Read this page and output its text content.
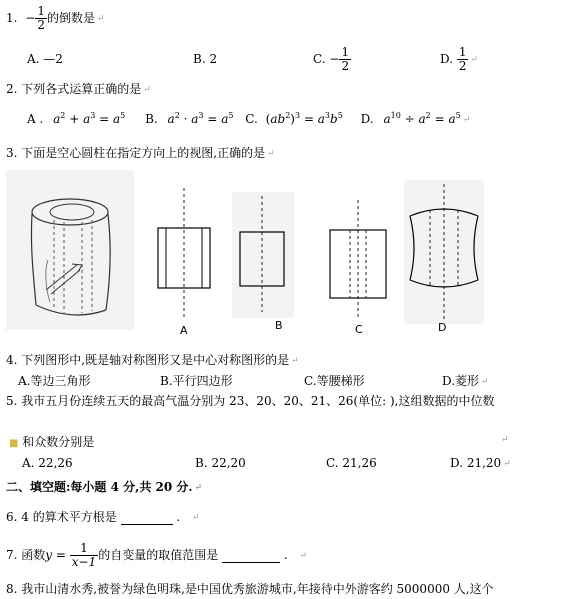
1. − $\frac{1}{2}$ 的倒数是 ↵
A. —2	B. 2	C. − $\frac{1}{2}$	D. $\frac{1}{2}$ ↵
2. 下列各式运算正确的是 ↵
A . $a^2 + a^3 = a^5$ B. $a^2 \cdot a^3 = a^5$ C. $(ab^2)^3 = a^3b^5$ D. $a^{10} \div a^2 = a^5$ ↵
3. 下面是空心圆柱在指定方向上的视图,正确的是 ↵
A	B	C	D
4. 下列图形中,既是轴对称图形又是中心对称图形的是 ↵
A.等边三角形	B.平行四边形	C.等腰梯形	D.菱形 ↵
5. 我市五月份连续五天的最高气温分别为 23、20、20、21、26(单位: ),这组数据的中位数
■ 和众数分别是	↵
A. 22,26	B. 22,20	C. 21,26	D. 21,20 ↵
二、填空题:每小题 4 分,共 20 分. ↵
6. 4 的算术平方根是	. ↵
7. 函数$y = \frac{1}{x-1}$ 的自变量的取值范围是	. ↵
8. 我市山清水秀,被誉为绿色明珠,是中国优秀旅游城市,年接待中外游客约 5000000 人,这个
